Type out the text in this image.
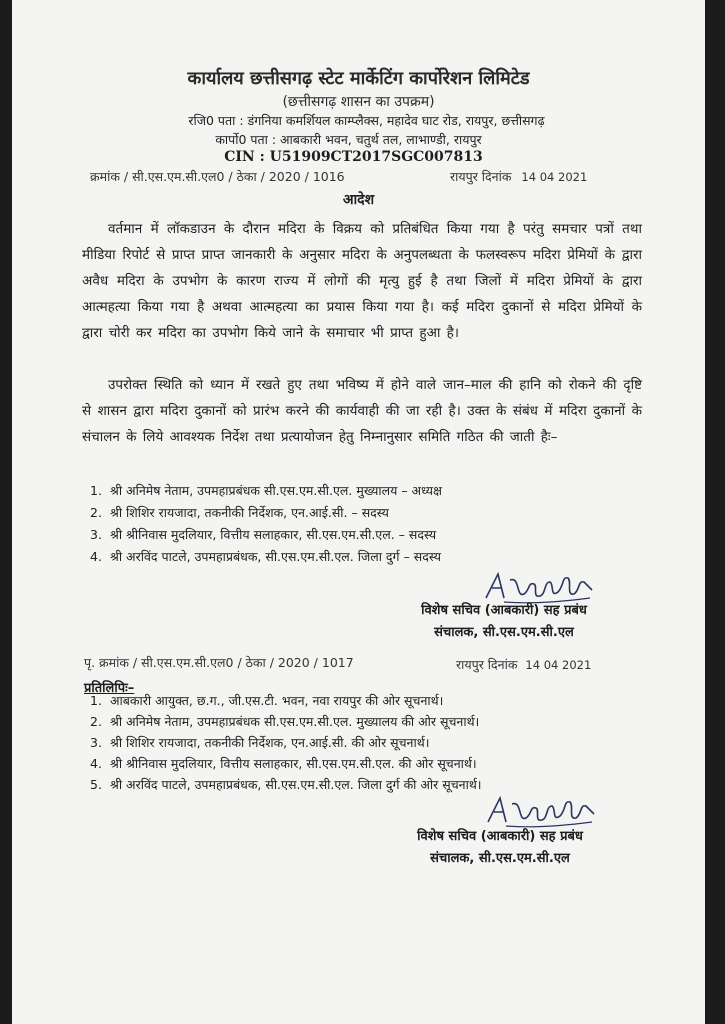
कार्यालय छत्तीसगढ़ स्टेट मार्केटिंग कार्पोरेशन लिमिटेड
(छत्तीसगढ़ शासन का उपक्रम)
रजि0 पता : डंगनिया कमर्शियल काम्प्लैक्स, महादेव घाट रोड, रायपुर, छत्तीसगढ़
कार्पो0 पता : आबकारी भवन, चतुर्थ तल, लाभाण्डी, रायपुर
CIN : U51909CT2017SGC007813
क्रमांक / सी.एस.एम.सी.एल0 / ठेका / 2020 / 1016	रायपुर दिनांक 14 04 2021
आदेश

वर्तमान में लॉकडाउन के दौरान मदिरा के विक्रय को प्रतिबंधित किया गया है परंतु समचार पत्रों तथा मीडिया रिपोर्ट से प्राप्त प्राप्त जानकारी के अनुसार मदिरा के अनुपलब्धता के फलस्वरूप मदिरा प्रेमियों के द्वारा अवैध मदिरा के उपभोग के कारण राज्य में लोगों की मृत्यु हुई है तथा जिलों में मदिरा प्रेमियों के द्वारा आत्महत्या किया गया है अथवा आत्महत्या का प्रयास किया गया है। कई मदिरा दुकानों से मदिरा प्रेमियों के द्वारा चोरी कर मदिरा का उपभोग किये जाने के समाचार भी प्राप्त हुआ है।

उपरोक्त स्थिति को ध्यान में रखते हुए तथा भविष्य में होने वाले जान–माल की हानि को रोकने की दृष्टि से शासन द्वारा मदिरा दुकानों को प्रारंभ करने की कार्यवाही की जा रही है। उक्त के संबंध में मदिरा दुकानों के संचालन के लिये आवश्यक निर्देश तथा प्रत्यायोजन हेतु निम्नानुसार समिति गठित की जाती हैः–

1. श्री अनिमेष नेताम, उपमहाप्रबंधक सी.एस.एम.सी.एल. मुख्यालय – अध्यक्ष
2. श्री शिशिर रायजादा, तकनीकी निर्देशक, एन.आई.सी. – सदस्य
3. श्री श्रीनिवास मुदलियार, वित्तीय सलाहकार, सी.एस.एम.सी.एल. – सदस्य
4. श्री अरविंद पाटले, उपमहाप्रबंधक, सी.एस.एम.सी.एल. जिला दुर्ग – सदस्य
विशेष सचिव (आबकारी) सह प्रबंध
संचालक, सी.एस.एम.सी.एल
पृ. क्रमांक / सी.एस.एम.सी.एल0 / ठेका / 2020 / 1017	रायपुर दिनांक 14 04 2021
प्रतिलिपिः–
1. आबकारी आयुक्त, छ.ग., जी.एस.टी. भवन, नवा रायपुर की ओर सूचनार्थ।
2. श्री अनिमेष नेताम, उपमहाप्रबंधक सी.एस.एम.सी.एल. मुख्यालय की ओर सूचनार्थ।
3. श्री शिशिर रायजादा, तकनीकी निर्देशक, एन.आई.सी. की ओर सूचनार्थ।
4. श्री श्रीनिवास मुदलियार, वित्तीय सलाहकार, सी.एस.एम.सी.एल. की ओर सूचनार्थ।
5. श्री अरविंद पाटले, उपमहाप्रबंधक, सी.एस.एम.सी.एल. जिला दुर्ग की ओर सूचनार्थ।
विशेष सचिव (आबकारी) सह प्रबंध
संचालक, सी.एस.एम.सी.एल
